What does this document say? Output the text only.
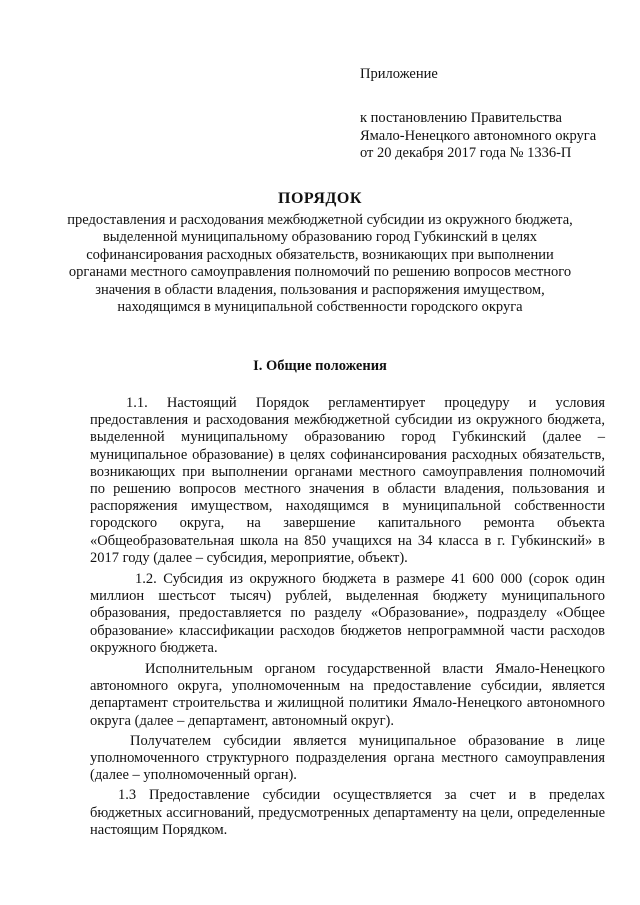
Приложение
к постановлению Правительства
Ямало-Ненецкого автономного округа
от 20 декабря 2017 года № 1336-П
ПОРЯДОК
предоставления и расходования межбюджетной субсидии из окружного бюджета, выделенной муниципальному образованию город Губкинский в целях софинансирования расходных обязательств, возникающих при выполнении органами местного самоуправления полномочий по решению вопросов местного значения в области владения, пользования и распоряжения имуществом, находящимся в муниципальной собственности городского округа
I. Общие положения

1.1. Настоящий Порядок регламентирует процедуру и условия предоставления и расходования межбюджетной субсидии из окружного бюджета, выделенной муниципальному образованию город Губкинский (далее – муниципальное образование) в целях софинансирования расходных обязательств, возникающих при выполнении органами местного самоуправления полномочий по решению вопросов местного значения в области владения, пользования и распоряжения имуществом, находящимся в муниципальной собственности городского округа, на завершение капитального ремонта объекта «Общеобразовательная школа на 850 учащихся на 34 класса в г. Губкинский» в 2017 году (далее – субсидия, мероприятие, объект).

1.2. Субсидия из окружного бюджета в размере 41 600 000 (сорок один миллион шестьсот тысяч) рублей, выделенная бюджету муниципального образования, предоставляется по разделу «Образование», подразделу «Общее образование» классификации расходов бюджетов непрограммной части расходов окружного бюджета.

Исполнительным органом государственной власти Ямало-Ненецкого автономного округа, уполномоченным на предоставление субсидии, является департамент строительства и жилищной политики Ямало-Ненецкого автономного округа (далее – департамент, автономный округ).

Получателем субсидии является муниципальное образование в лице уполномоченного структурного подразделения органа местного самоуправления (далее – уполномоченный орган).

1.3 Предоставление субсидии осуществляется за счет и в пределах бюджетных ассигнований, предусмотренных департаменту на цели, определенные настоящим Порядком.
